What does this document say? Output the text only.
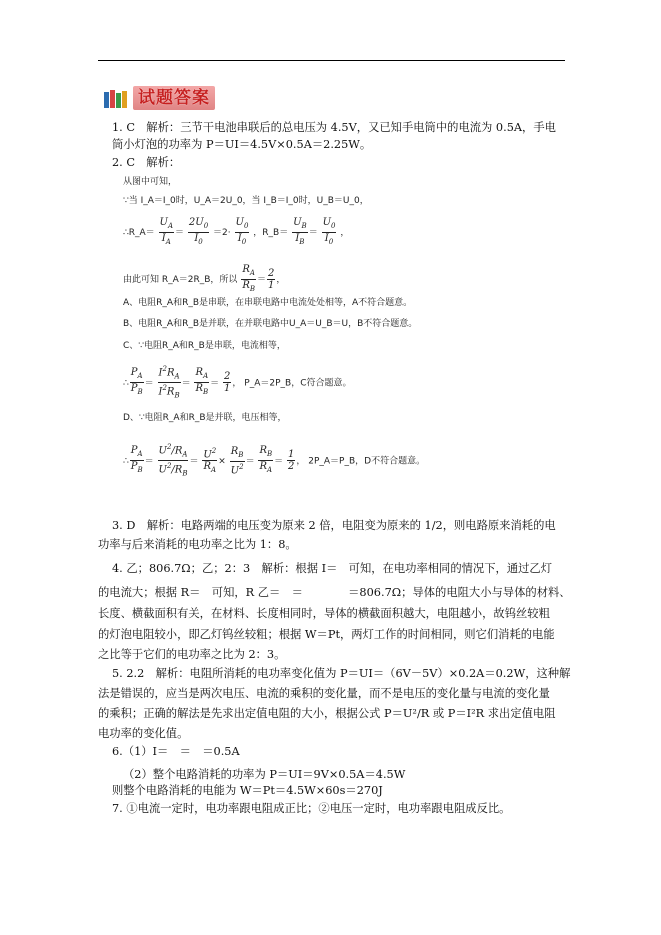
试题答案
1. C　解析：三节干电池串联后的总电压为 4.5V，又已知手电筒中的电流为 0.5A，手电
筒小灯泡的功率为 P＝UI＝4.5V×0.5A＝2.25W。
2. C　解析：
从图中可知，
∵当 I_A＝I_0时，U_A＝2U_0，当 I_B＝I_0时，U_B＝U_0，
∴R_A＝ $\frac{U_A}{I_A} = \frac{2U_0}{I_0} =2\cdot \frac{U_0}{I_0}$ ，R_B＝ $\frac{U_B}{I_B} = \frac{U_0}{I_0}$ ，
由此可知 R_A＝2R_B，所以 $\frac{R_A}{R_B} = \frac{2}{1}$ ，
A、电阻R_A和R_B是串联，在串联电路中电流处处相等，A不符合题意。
B、电阻R_A和R_B是并联，在并联电路中U_A＝U_B＝U，B不符合题意。
C、∵电阻R_A和R_B是串联，电流相等，
∴ $\frac{P_A}{P_B} = \frac{I^2R_A}{I^2R_B} = \frac{R_A}{R_B} = \frac{2}{1}$ ， P_A＝2P_B，C符合题意。
D、∵电阻R_A和R_B是并联，电压相等，
∴ $\frac{P_A}{P_B} = \frac{U^2/R_A}{U^2/R_B} = \frac{U^2}{R_A} \times \frac{R_B}{U^2} = \frac{R_B}{R_A} = \frac{1}{2}$ ， 2P_A＝P_B，D不符合题意。
3. D　解析：电路两端的电压变为原来 2 倍，电阻变为原来的 1/2，则电路原来消耗的电
功率与后来消耗的电功率之比为 1：8。
4. 乙；806.7Ω；乙；2：3　解析：根据 I＝　可知，在电功率相同的情况下，通过乙灯
的电流大；根据 R＝　可知，R 乙＝　＝　　　　＝806.7Ω；导体的电阻大小与导体的材料、
长度、横截面积有关，在材料、长度相同时，导体的横截面积越大，电阻越小，故钨丝较粗
的灯泡电阻较小，即乙灯钨丝较粗；根据 W＝Pt，两灯工作的时间相同，则它们消耗的电能
之比等于它们的电功率之比为 2：3。
5. 2.2　解析：电阻所消耗的电功率变化值为 P＝UI＝（6V－5V）×0.2A＝0.2W，这种解
法是错误的，应当是两次电压、电流的乘积的变化量，而不是电压的变化量与电流的变化量
的乘积；正确的解法是先求出定值电阻的大小，根据公式 P＝U²/R 或 P＝I²R 求出定值电阻
电功率的变化值。
6.（1）I＝　＝　＝0.5A
（2）整个电路消耗的功率为 P＝UI＝9V×0.5A＝4.5W
则整个电路消耗的电能为 W＝Pt＝4.5W×60s＝270J
7. ①电流一定时，电功率跟电阻成正比；②电压一定时，电功率跟电阻成反比。
